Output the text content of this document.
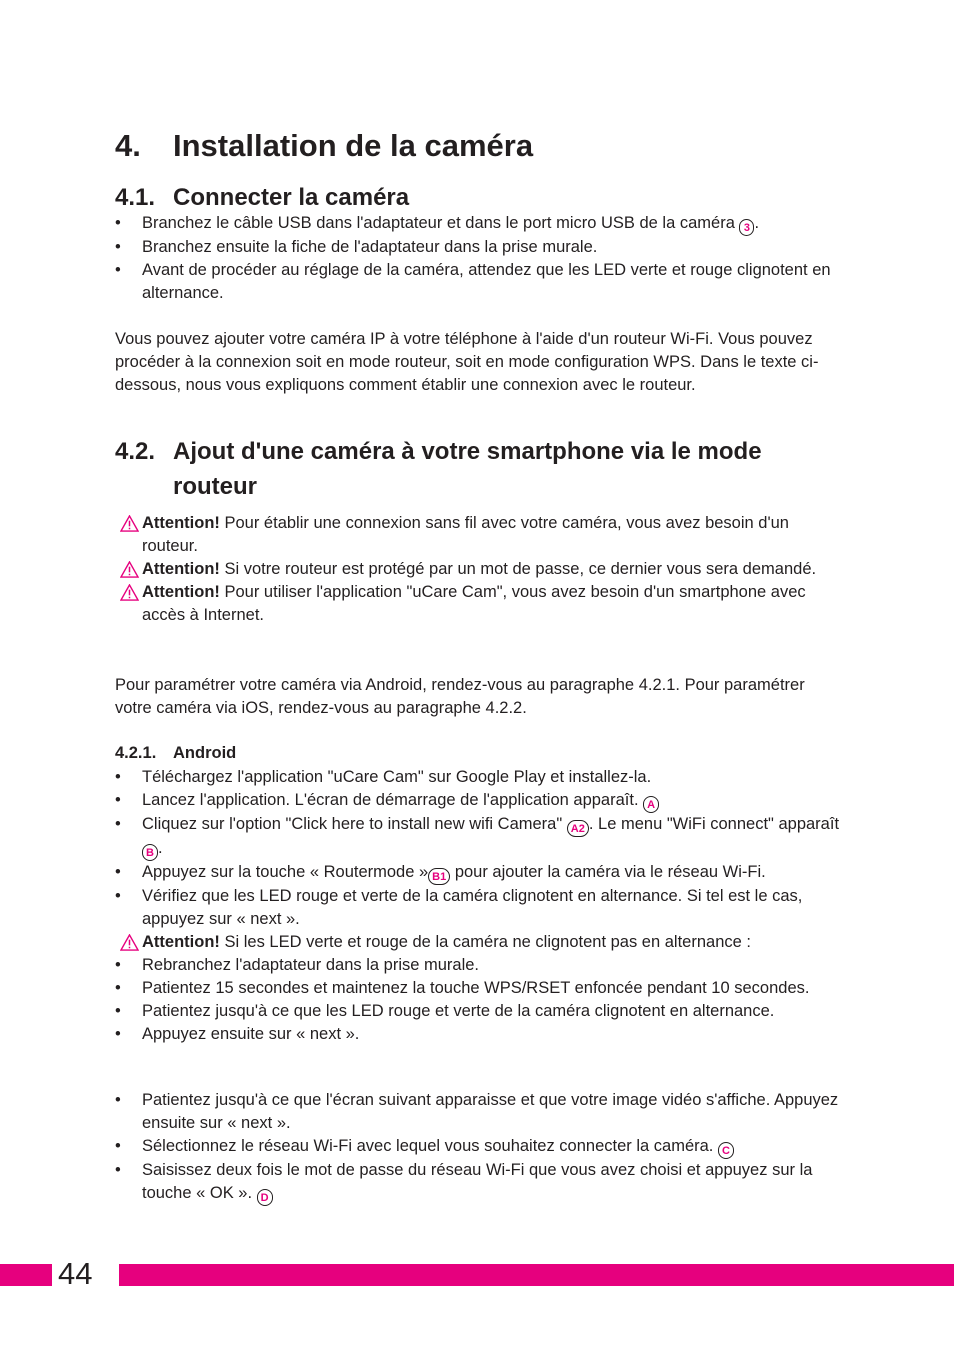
4. Installation de la caméra
4.1. Connecter la caméra
• Branchez le câble USB dans l'adaptateur et dans le port micro USB de la caméra 3 .
• Branchez ensuite la fiche de l'adaptateur dans la prise murale.
• Avant de procéder au réglage de la caméra, attendez que les LED verte et rouge clignotent en alternance.

Vous pouvez ajouter votre caméra IP à votre téléphone à l'aide d'un routeur Wi-Fi. Vous pouvez procéder à la connexion soit en mode routeur, soit en mode configuration WPS. Dans le texte ci-dessous, nous vous expliquons comment établir une connexion avec le routeur.

4.2. Ajout d'une caméra à votre smartphone via le mode
routeur
Attention! Pour établir une connexion sans fil avec votre caméra, vous avez besoin d'un routeur.
Attention! Si votre routeur est protégé par un mot de passe, ce dernier vous sera demandé.
Attention! Pour utiliser l'application "uCare Cam", vous avez besoin d'un smartphone avec accès à Internet.

Pour paramétrer votre caméra via Android, rendez-vous au paragraphe 4.2.1. Pour paramétrer votre caméra via iOS, rendez-vous au paragraphe 4.2.2.

4.2.1. Android
• Téléchargez l'application "uCare Cam" sur Google Play et installez-la.
• Lancez l'application. L'écran de démarrage de l'application apparaît. A
• Cliquez sur l'option "Click here to install new wifi Camera" A2 . Le menu "WiFi connect" apparaît B .
• Appuyez sur la touche « Routermode » B1 pour ajouter la caméra via le réseau Wi-Fi.
• Vérifiez que les LED rouge et verte de la caméra clignotent en alternance. Si tel est le cas, appuyez sur « next ».
Attention! Si les LED verte et rouge de la caméra ne clignotent pas en alternance :
• Rebranchez l'adaptateur dans la prise murale.
• Patientez 15 secondes et maintenez la touche WPS/RSET enfoncée pendant 10 secondes.
• Patientez jusqu'à ce que les LED rouge et verte de la caméra clignotent en alternance.
• Appuyez ensuite sur « next ».
• Patientez jusqu'à ce que l'écran suivant apparaisse et que votre image vidéo s'affiche. Appuyez ensuite sur « next ».
• Sélectionnez le réseau Wi-Fi avec lequel vous souhaitez connecter la caméra. C
• Saisissez deux fois le mot de passe du réseau Wi-Fi que vous avez choisi et appuyez sur la touche « OK ». D
44
